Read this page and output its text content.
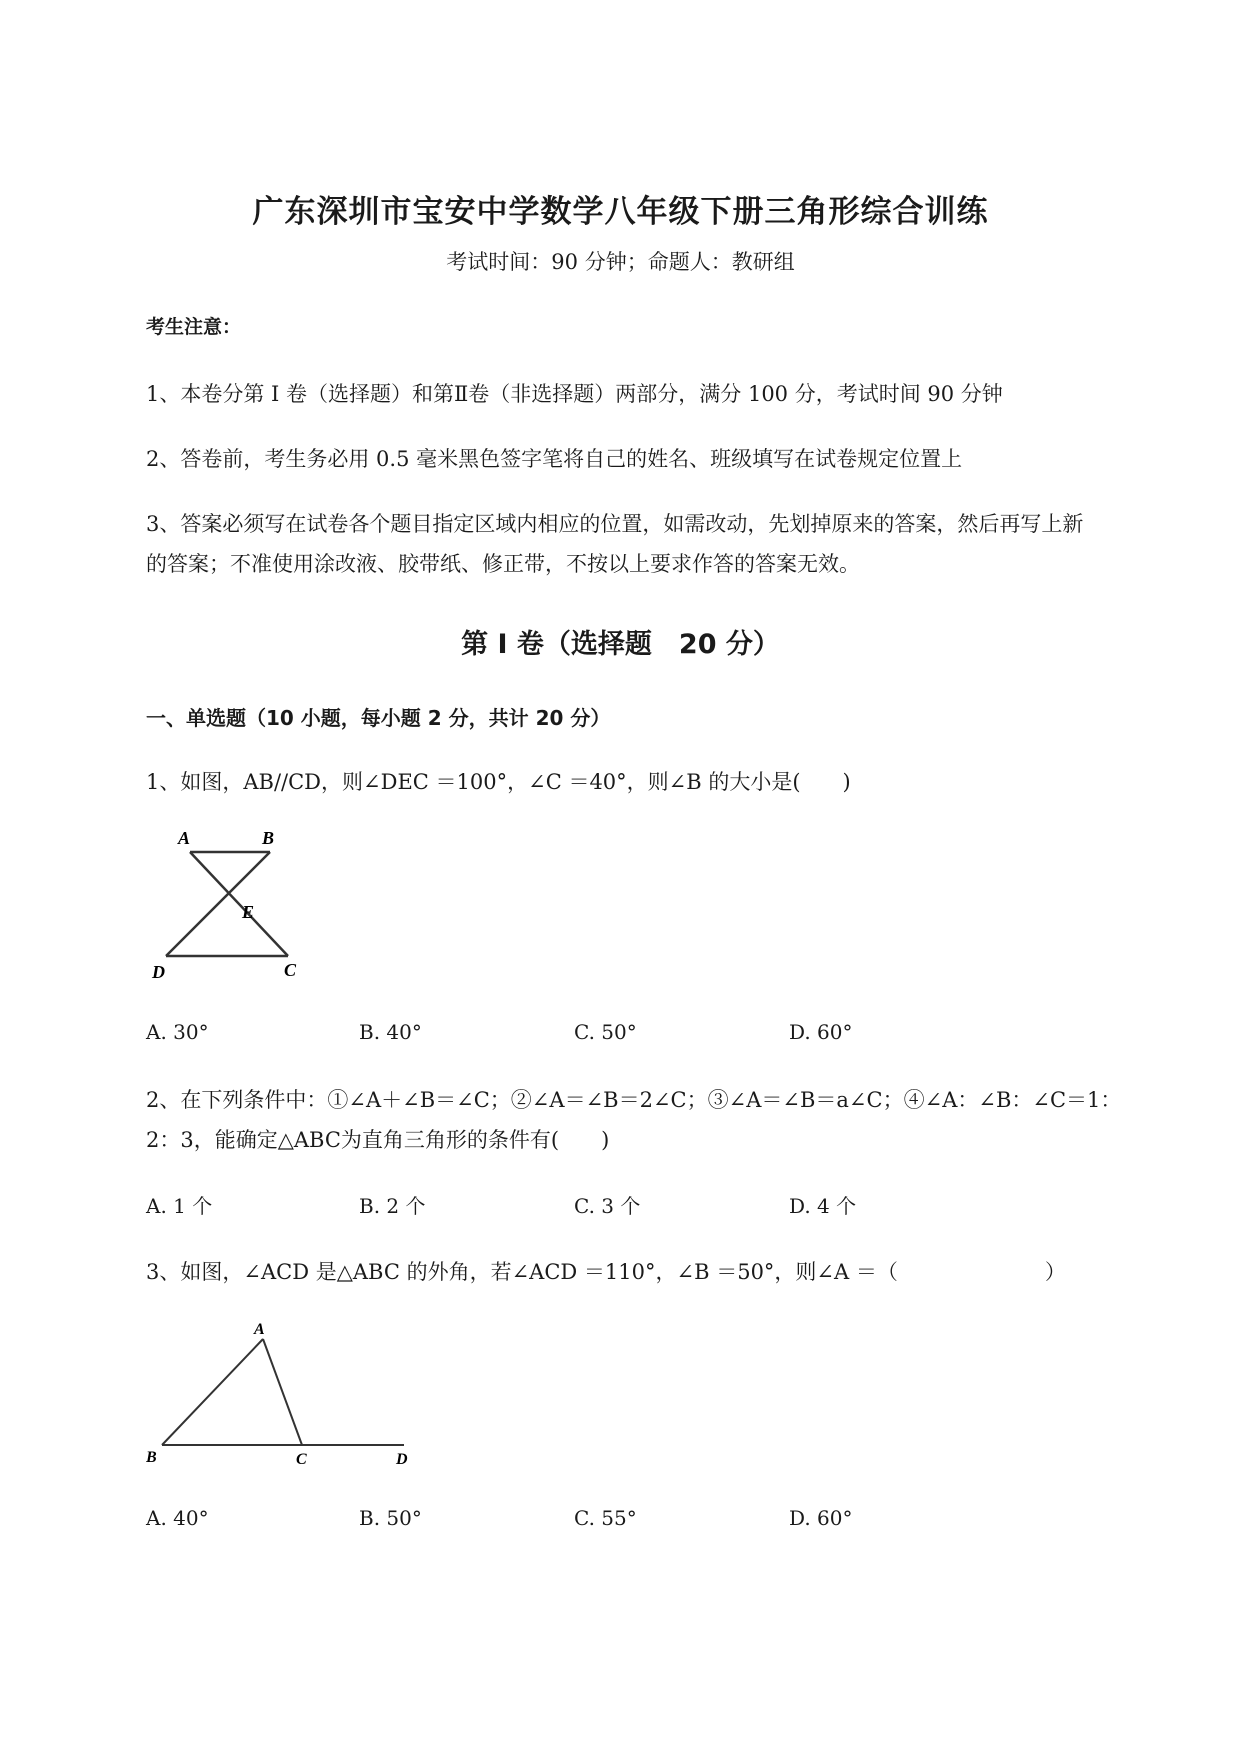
广东深圳市宝安中学数学八年级下册三角形综合训练
考试时间：90 分钟；命题人：教研组
考生注意：
1、本卷分第 I 卷（选择题）和第Ⅱ卷（非选择题）两部分，满分 100 分，考试时间 90 分钟
2、答卷前，考生务必用 0.5 毫米黑色签字笔将自己的姓名、班级填写在试卷规定位置上
3、答案必须写在试卷各个题目指定区域内相应的位置，如需改动，先划掉原来的答案，然后再写上新
的答案；不准使用涂改液、胶带纸、修正带，不按以上要求作答的答案无效。
第 I 卷（选择题　20 分）
一、单选题（10 小题，每小题 2 分，共计 20 分）
1、如图，AB//CD，则∠DEC ＝100°，∠C ＝40°，则∠B 的大小是(　　)
A	B
E
D	C
A. 30°	B. 40°	C. 50°	D. 60°
2、在下列条件中：①∠A＋∠B＝∠C；②∠A＝∠B＝2∠C；③∠A＝∠B＝a∠C；④∠A：∠B：∠C＝1：
2：3，能确定△ABC为直角三角形的条件有(　　)
A. 1 个	B. 2 个	C. 3 个	D. 4 个
3、如图，∠ACD 是△ABC 的外角，若∠ACD ＝110°，∠B ＝50°，则∠A ＝（　　　　　　　）
A
B	C	D
A. 40°	B. 50°	C. 55°	D. 60°
